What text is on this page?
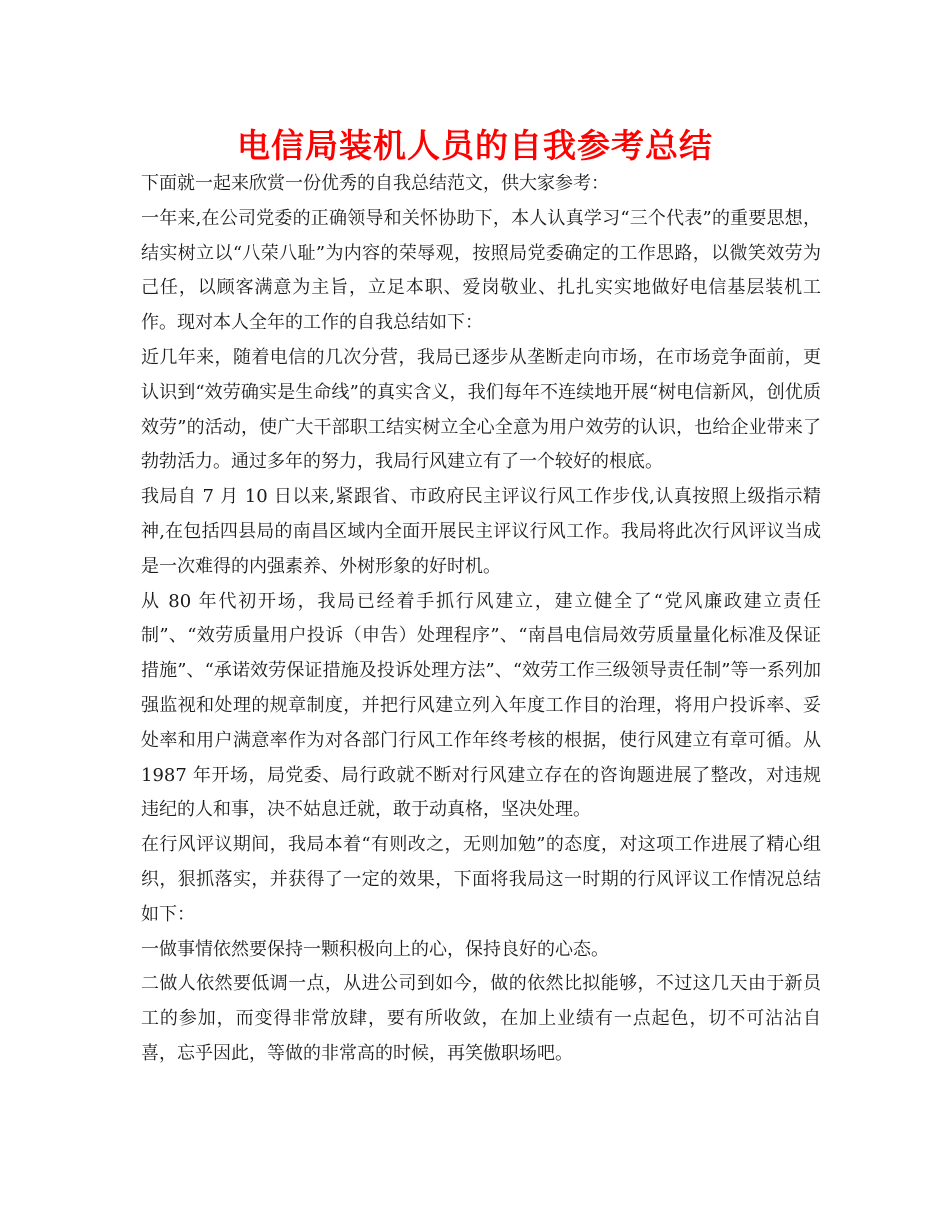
电信局装机人员的自我参考总结

下面就一起来欣赏一份优秀的自我总结范文，供大家参考：

一年来,在公司党委的正确领导和关怀协助下，本人认真学习“三个代表”的重要思想，结实树立以“八荣八耻”为内容的荣辱观，按照局党委确定的工作思路，以微笑效劳为己任，以顾客满意为主旨，立足本职、爱岗敬业、扎扎实实地做好电信基层装机工作。现对本人全年的工作的自我总结如下：

近几年来，随着电信的几次分营，我局已逐步从垄断走向市场，在市场竞争面前，更认识到“效劳确实是生命线”的真实含义，我们每年不连续地开展“树电信新风，创优质效劳”的活动，使广大干部职工结实树立全心全意为用户效劳的认识，也给企业带来了勃勃活力。通过多年的努力，我局行风建立有了一个较好的根底。

我局自 7 月 10 日以来,紧跟省、市政府民主评议行风工作步伐,认真按照上级指示精神,在包括四县局的南昌区域内全面开展民主评议行风工作。我局将此次行风评议当成是一次难得的内强素养、外树形象的好时机。

从 80 年代初开场，我局已经着手抓行风建立，建立健全了“党风廉政建立责任制”、“效劳质量用户投诉（申告）处理程序”、“南昌电信局效劳质量量化标准及保证措施”、“承诺效劳保证措施及投诉处理方法”、“效劳工作三级领导责任制”等一系列加强监视和处理的规章制度，并把行风建立列入年度工作目的治理，将用户投诉率、妥处率和用户满意率作为对各部门行风工作年终考核的根据，使行风建立有章可循。从 1987 年开场，局党委、局行政就不断对行风建立存在的咨询题进展了整改，对违规违纪的人和事，决不姑息迁就，敢于动真格，坚决处理。

在行风评议期间，我局本着“有则改之，无则加勉”的态度，对这项工作进展了精心组织，狠抓落实，并获得了一定的效果，下面将我局这一时期的行风评议工作情况总结如下：

一做事情依然要保持一颗积极向上的心，保持良好的心态。

二做人依然要低调一点，从进公司到如今，做的依然比拟能够，不过这几天由于新员工的参加，而变得非常放肆，要有所收敛，在加上业绩有一点起色，切不可沾沾自喜，忘乎因此，等做的非常高的时候，再笑傲职场吧。
